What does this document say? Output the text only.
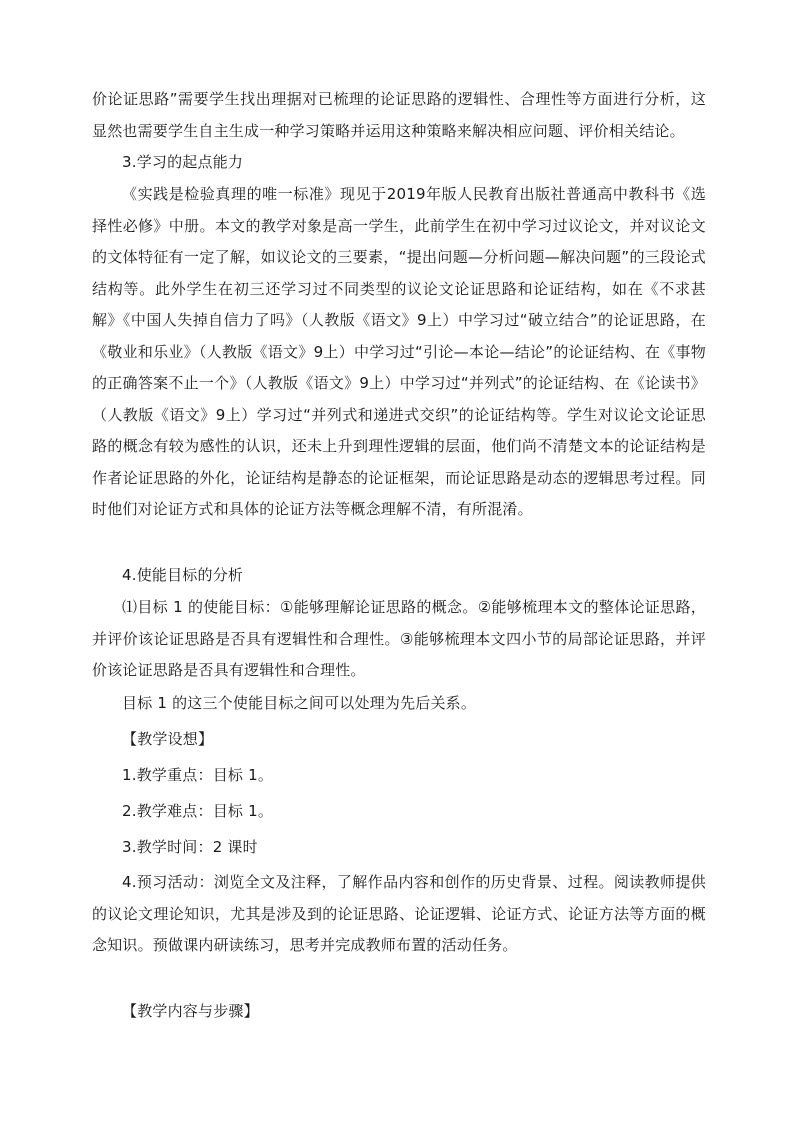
价论证思路”需要学生找出理据对已梳理的论证思路的逻辑性、合理性等方面进行分析，这显然也需要学生自主生成一种学习策略并运用这种策略来解决相应问题、评价相关结论。

3.学习的起点能力

《实践是检验真理的唯一标准》现见于2019年版人民教育出版社普通高中教科书《选择性必修》中册。本文的教学对象是高一学生，此前学生在初中学习过议论文，并对议论文的文体特征有一定了解，如议论文的三要素，“提出问题—分析问题—解决问题”的三段论式结构等。此外学生在初三还学习过不同类型的议论文论证思路和论证结构，如在《不求甚解》《中国人失掉自信力了吗》（人教版《语文》9上）中学习过“破立结合”的论证思路，在《敬业和乐业》（人教版《语文》9上）中学习过“引论—本论—结论”的论证结构、在《事物的正确答案不止一个》（人教版《语文》9上）中学习过“并列式”的论证结构、在《论读书》（人教版《语文》9上）学习过“并列式和递进式交织”的论证结构等。学生对议论文论证思路的概念有较为感性的认识，还未上升到理性逻辑的层面，他们尚不清楚文本的论证结构是作者论证思路的外化，论证结构是静态的论证框架，而论证思路是动态的逻辑思考过程。同时他们对论证方式和具体的论证方法等概念理解不清，有所混淆。

4.使能目标的分析

⑴目标 1 的使能目标：①能够理解论证思路的概念。②能够梳理本文的整体论证思路，并评价该论证思路是否具有逻辑性和合理性。③能够梳理本文四小节的局部论证思路，并评价该论证思路是否具有逻辑性和合理性。

目标 1 的这三个使能目标之间可以处理为先后关系。

【教学设想】

1.教学重点：目标 1。

2.教学难点：目标 1。

3.教学时间：2 课时

4.预习活动：浏览全文及注释，了解作品内容和创作的历史背景、过程。阅读教师提供的议论文理论知识，尤其是涉及到的论证思路、论证逻辑、论证方式、论证方法等方面的概念知识。预做课内研读练习，思考并完成教师布置的活动任务。

【教学内容与步骤】
